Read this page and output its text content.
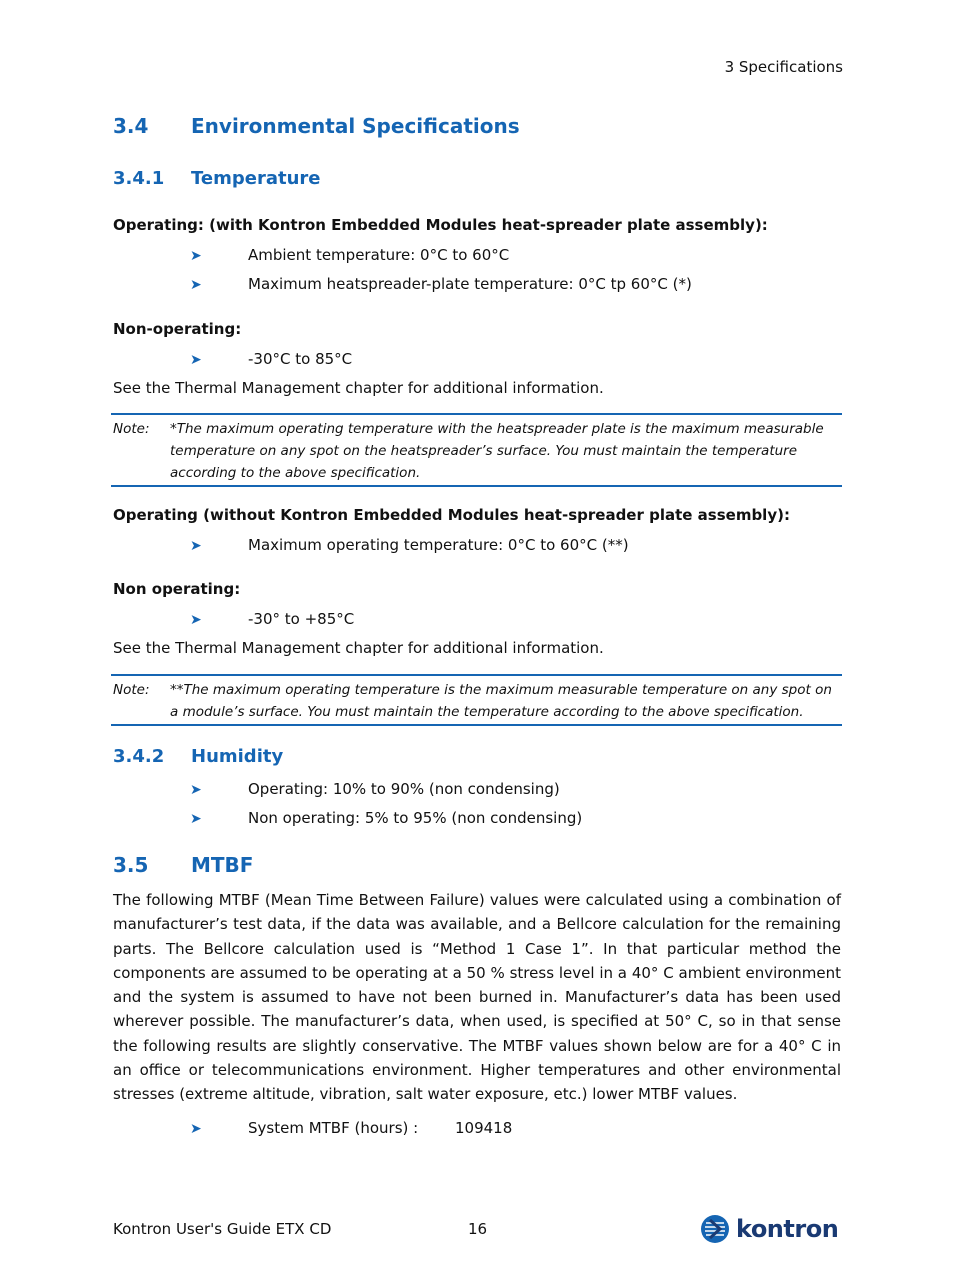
3 Specifications
3.4 Environmental Specifications
3.4.1 Temperature
Operating: (with Kontron Embedded Modules heat-spreader plate assembly):
➤	Ambient temperature: 0°C to 60°C
➤	Maximum heatspreader-plate temperature: 0°C tp 60°C (*)
Non-operating:
➤	-30°C to 85°C
See the Thermal Management chapter for additional information.
Note: *The maximum operating temperature with the heatspreader plate is the maximum measurable temperature on any spot on the heatspreader’s surface. You must maintain the temperature according to the above specification.
Operating (without Kontron Embedded Modules heat-spreader plate assembly):
➤	Maximum operating temperature: 0°C to 60°C (**)
Non operating:
➤	-30° to +85°C
See the Thermal Management chapter for additional information.
Note: **The maximum operating temperature is the maximum measurable temperature on any spot on a module’s surface. You must maintain the temperature according to the above specification.
3.4.2 Humidity
➤	Operating: 10% to 90% (non condensing)
➤	Non operating: 5% to 95% (non condensing)
3.5 MTBF
The following MTBF (Mean Time Between Failure) values were calculated using a combination of manufacturer’s test data, if the data was available, and a Bellcore calculation for the remaining parts. The Bellcore calculation used is “Method 1 Case 1”. In that particular method the components are assumed to be operating at a 50 % stress level in a 40° C ambient environment and the system is assumed to have not been burned in. Manufacturer’s data has been used wherever possible. The manufacturer’s data, when used, is specified at 50° C, so in that sense the following results are slightly conservative. The MTBF values shown below are for a 40° C in an office or telecommunications environment. Higher temperatures and other environmental stresses (extreme altitude, vibration, salt water exposure, etc.) lower MTBF values.
➤	System MTBF (hours) : 109418
Kontron User's Guide ETX CD	16	kontron
